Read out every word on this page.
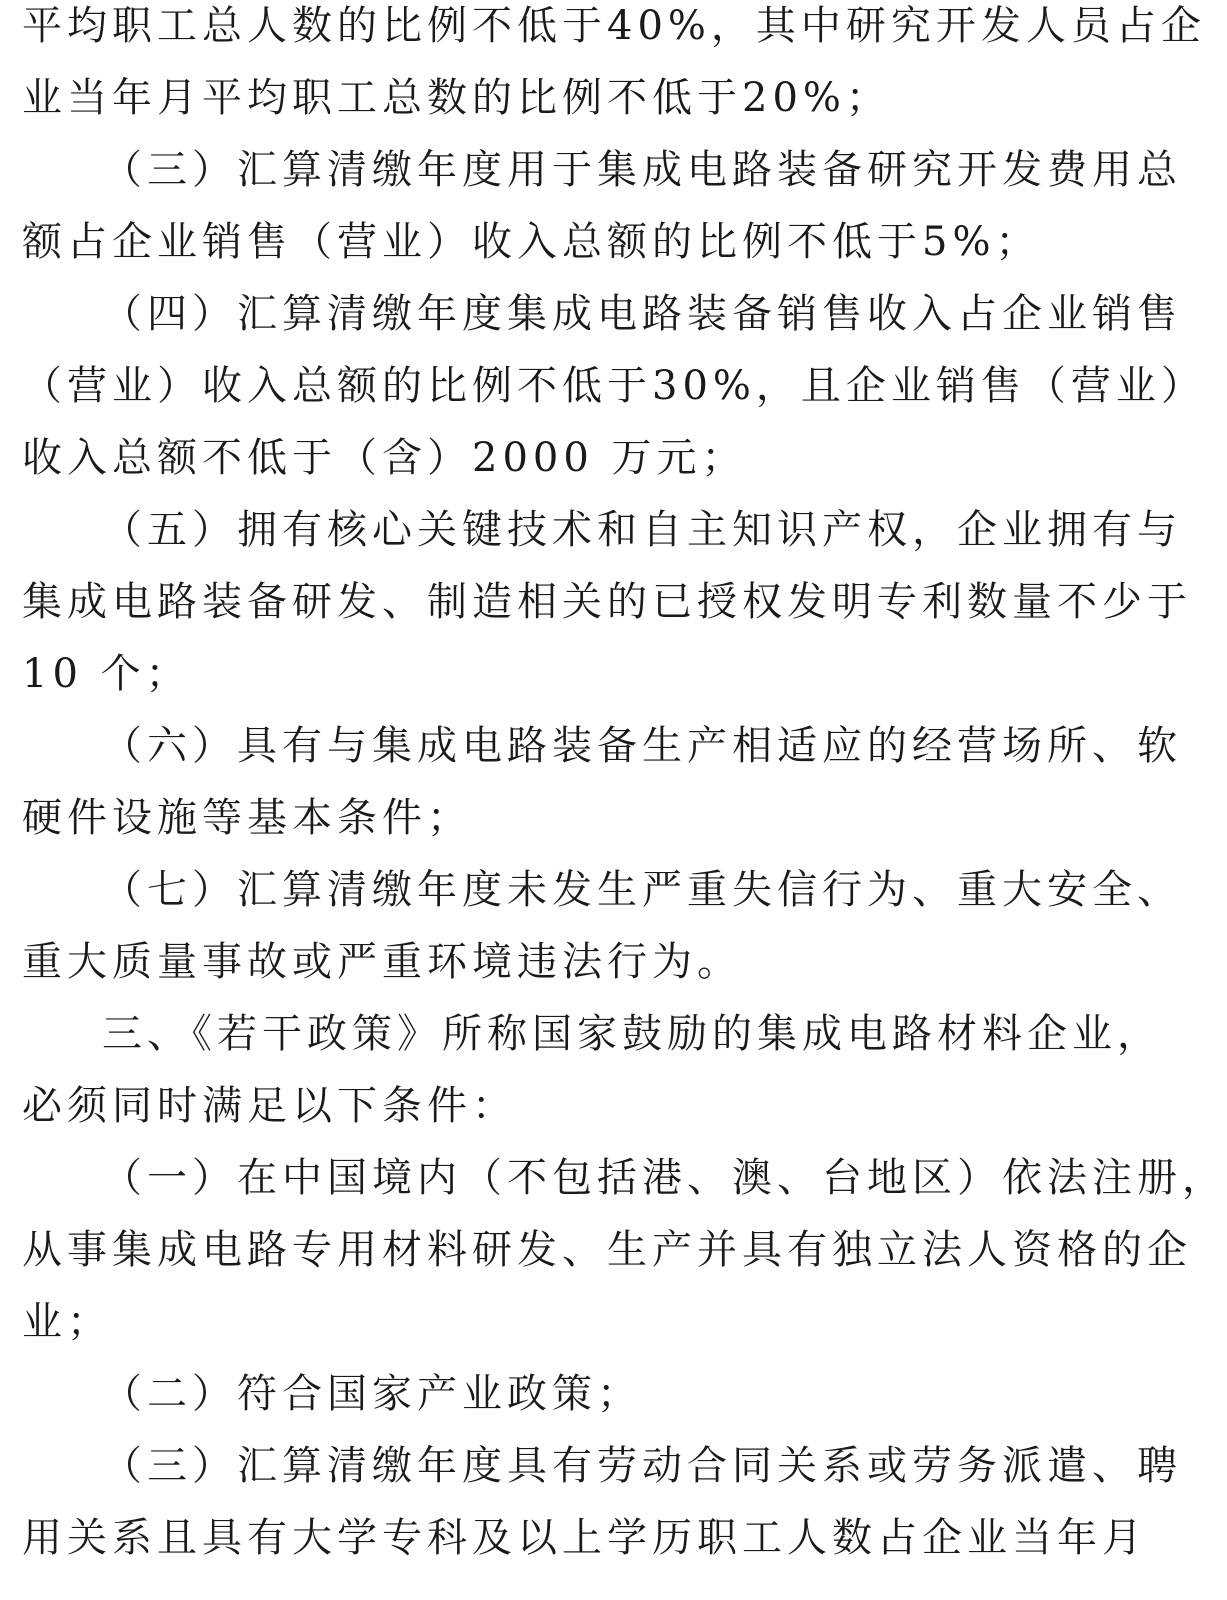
平均职工总人数的比例不低于40%，其中研究开发人员占企
业当年月平均职工总数的比例不低于20%；
（三）汇算清缴年度用于集成电路装备研究开发费用总
额占企业销售（营业）收入总额的比例不低于5%；
（四）汇算清缴年度集成电路装备销售收入占企业销售
（营业）收入总额的比例不低于30%，且企业销售（营业）
收入总额不低于（含）2000 万元；
（五）拥有核心关键技术和自主知识产权，企业拥有与
集成电路装备研发、制造相关的已授权发明专利数量不少于
10 个；
（六）具有与集成电路装备生产相适应的经营场所、软
硬件设施等基本条件；
（七）汇算清缴年度未发生严重失信行为、重大安全、
重大质量事故或严重环境违法行为。
三、《若干政策》所称国家鼓励的集成电路材料企业，
必须同时满足以下条件：
（一）在中国境内（不包括港、澳、台地区）依法注册，
从事集成电路专用材料研发、生产并具有独立法人资格的企
业；
（二）符合国家产业政策；
（三）汇算清缴年度具有劳动合同关系或劳务派遣、聘
用关系且具有大学专科及以上学历职工人数占企业当年月
